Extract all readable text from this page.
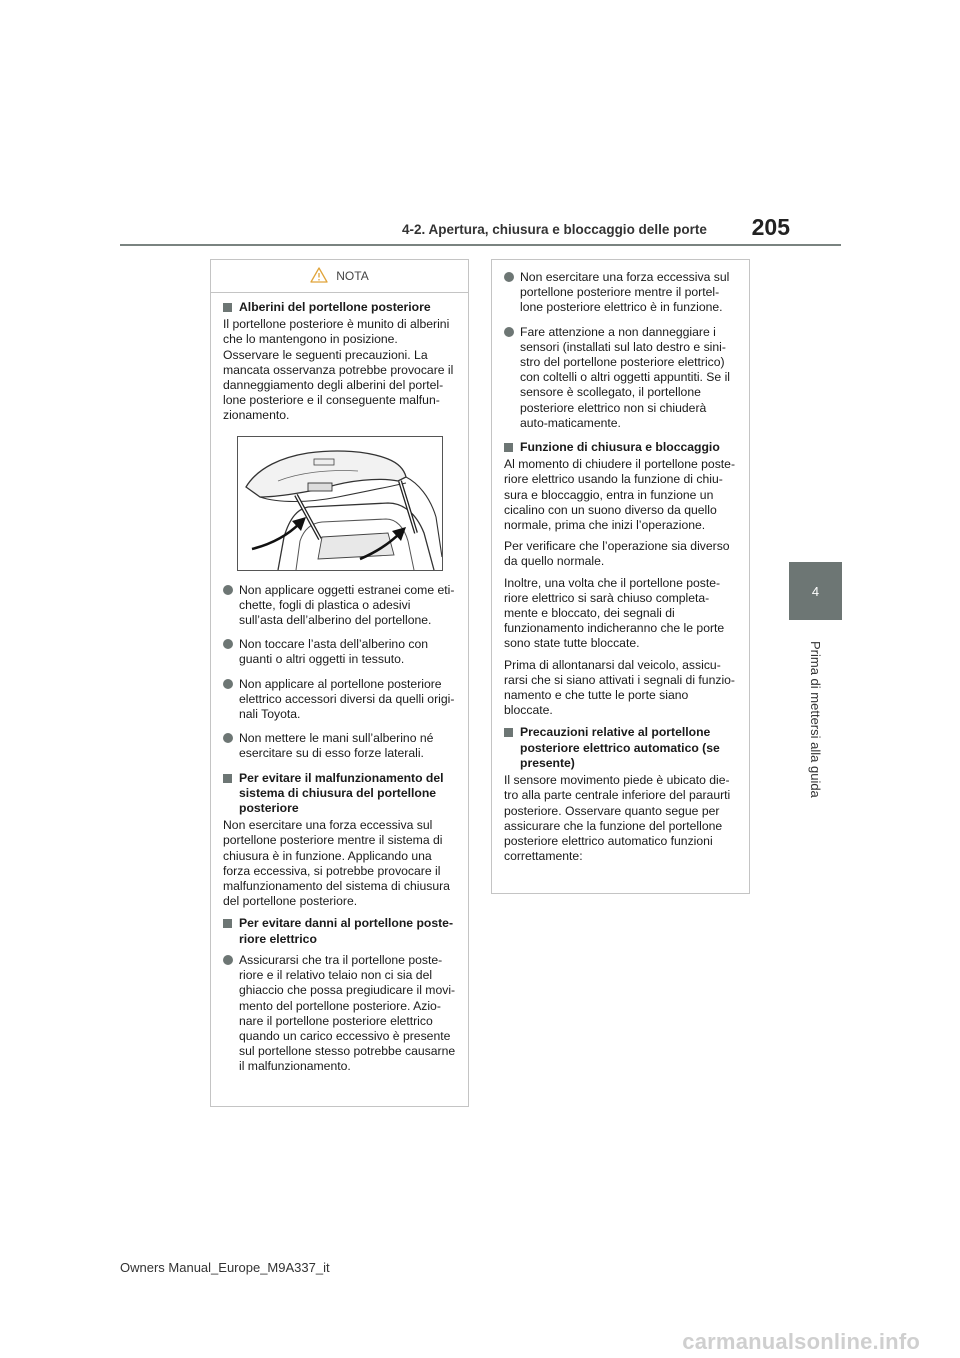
205
4-2. Apertura, chiusura e bloccaggio delle porte
4
Prima di mettersi alla guida
NOTA
Alberini del portellone posteriore
Il portellone posteriore è munito di alberini che lo mantengono in posizione. Osservare le seguenti precauzioni. La mancata osservanza potrebbe provocare il danneggiamento degli alberini del portel-lone posteriore e il conseguente malfun-zionamento.
Non applicare oggetti estranei come eti-chette, fogli di plastica o adesivi sull’asta dell’alberino del portellone.
Non toccare l’asta dell’alberino con guanti o altri oggetti in tessuto.
Non applicare al portellone posteriore elettrico accessori diversi da quelli origi-nali Toyota.
Non mettere le mani sull’alberino né esercitare su di esso forze laterali.
Per evitare il malfunzionamento del sistema di chiusura del portellone posteriore
Non esercitare una forza eccessiva sul portellone posteriore mentre il sistema di chiusura è in funzione. Applicando una forza eccessiva, si potrebbe provocare il malfunzionamento del sistema di chiusura del portellone posteriore.
Per evitare danni al portellone poste-riore elettrico
Assicurarsi che tra il portellone poste-riore e il relativo telaio non ci sia del ghiaccio che possa pregiudicare il movi-mento del portellone posteriore. Azio-nare il portellone posteriore elettrico quando un carico eccessivo è presente sul portellone stesso potrebbe causarne il malfunzionamento.
Non esercitare una forza eccessiva sul portellone posteriore mentre il portel-lone posteriore elettrico è in funzione.
Fare attenzione a non danneggiare i sensori (installati sul lato destro e sini-stro del portellone posteriore elettrico) con coltelli o altri oggetti appuntiti. Se il sensore è scollegato, il portellone posteriore elettrico non si chiuderà auto-maticamente.
Funzione di chiusura e bloccaggio
Al momento di chiudere il portellone poste-riore elettrico usando la funzione di chiu-sura e bloccaggio, entra in funzione un cicalino con un suono diverso da quello normale, prima che inizi l’operazione.
Per verificare che l’operazione sia diverso da quello normale.
Inoltre, una volta che il portellone poste-riore elettrico si sarà chiuso completa-mente e bloccato, dei segnali di funzionamento indicheranno che le porte sono state tutte bloccate.
Prima di allontanarsi dal veicolo, assicu-rarsi che si siano attivati i segnali di funzio-namento e che tutte le porte siano bloccate.
Precauzioni relative al portellone posteriore elettrico automatico (se presente)
Il sensore movimento piede è ubicato die-tro alla parte centrale inferiore del paraurti posteriore. Osservare quanto segue per assicurare che la funzione del portellone posteriore elettrico automatico funzioni correttamente:
Owners Manual_Europe_M9A337_it
carmanualsonline.info
